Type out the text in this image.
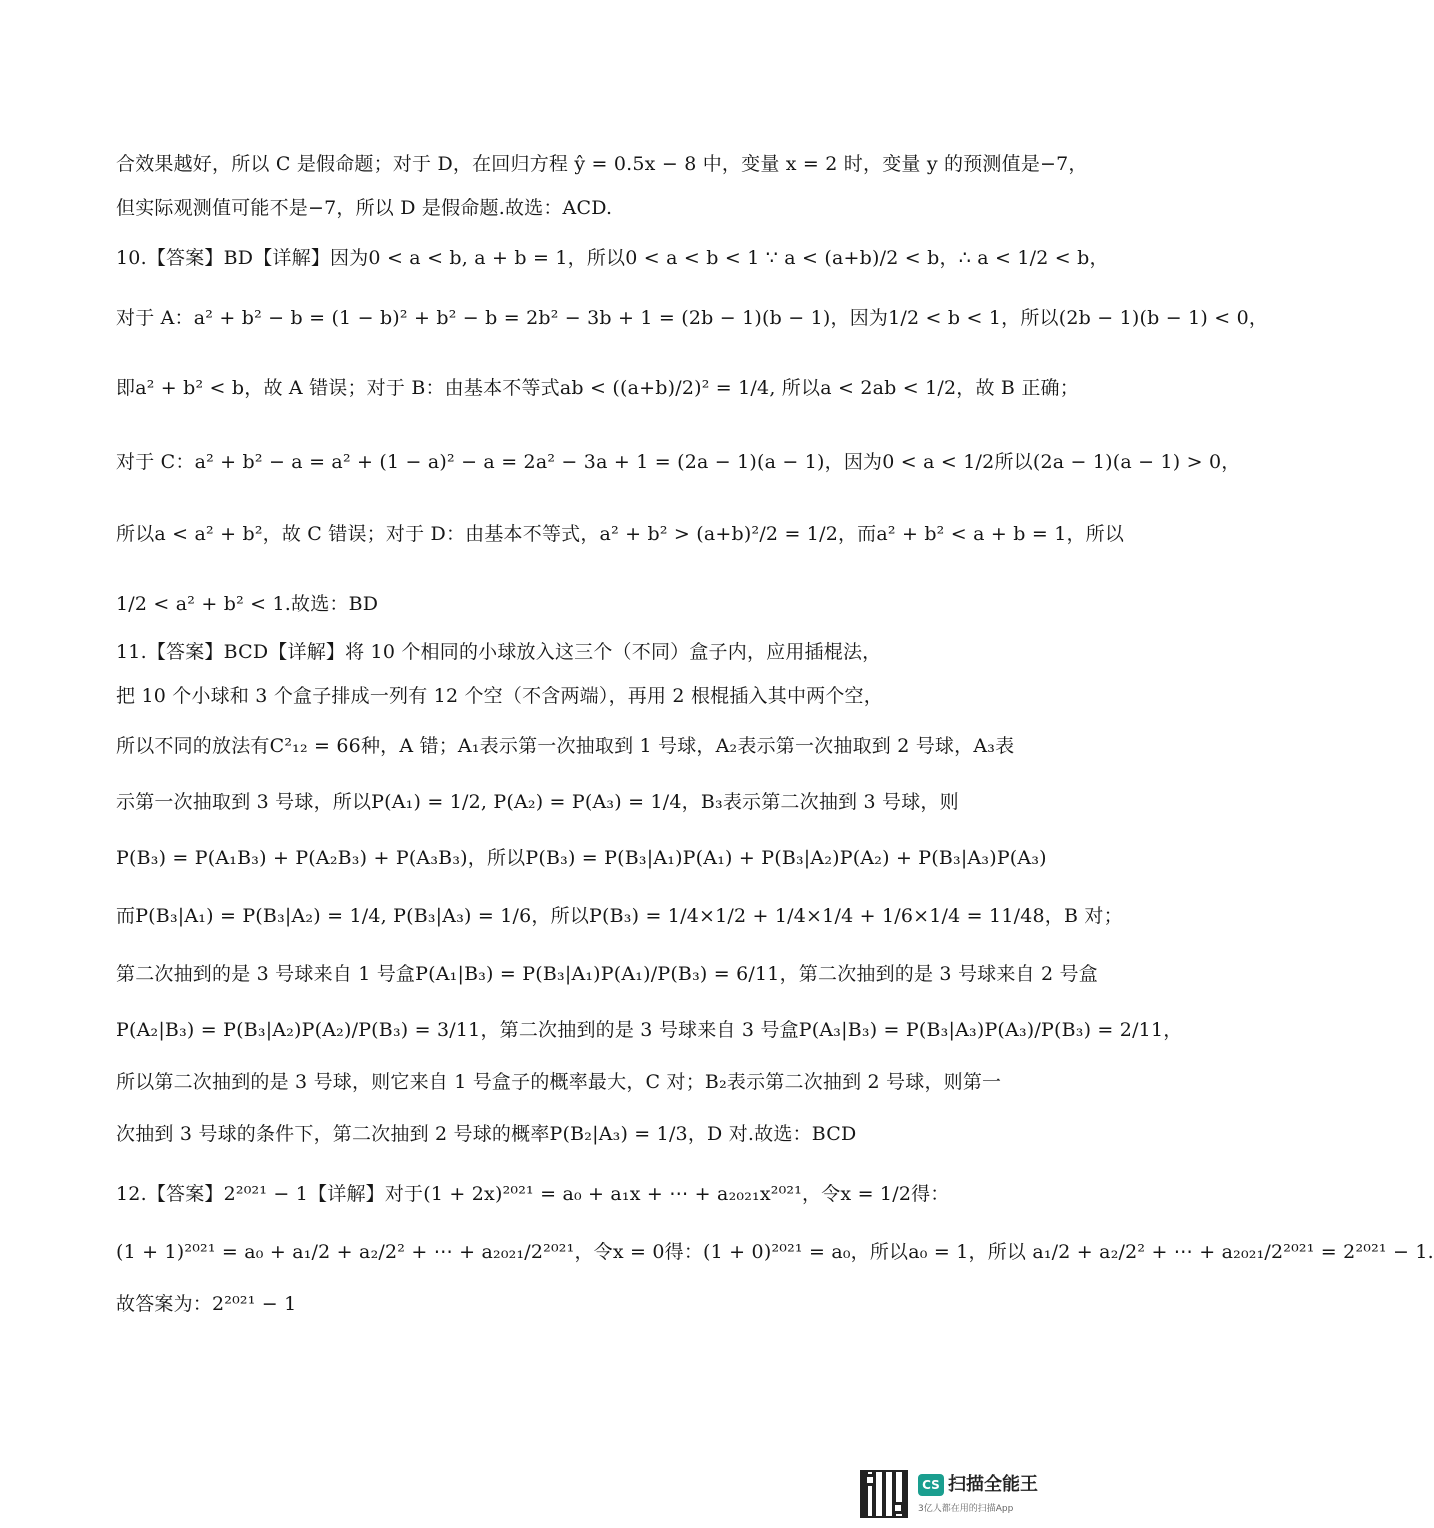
合效果越好，所以 C 是假命题；对于 D，在回归方程 ŷ = 0.5x − 8 中，变量 x = 2 时，变量 y 的预测值是−7，
但实际观测值可能不是−7，所以 D 是假命题.故选：ACD.
10.【答案】BD【详解】因为0 < a < b, a + b = 1，所以0 < a < b < 1 ∵ a < (a+b)/2 < b，∴ a < 1/2 < b，
对于 A：a² + b² − b = (1 − b)² + b² − b = 2b² − 3b + 1 = (2b − 1)(b − 1)，因为1/2 < b < 1，所以(2b − 1)(b − 1) < 0，
即a² + b² < b，故 A 错误；对于 B：由基本不等式ab < ((a+b)/2)² = 1/4, 所以a < 2ab < 1/2，故 B 正确；
对于 C：a² + b² − a = a² + (1 − a)² − a = 2a² − 3a + 1 = (2a − 1)(a − 1)，因为0 < a < 1/2所以(2a − 1)(a − 1) > 0，
所以a < a² + b²，故 C 错误；对于 D：由基本不等式，a² + b² > (a+b)²/2 = 1/2，而a² + b² < a + b = 1，所以
1/2 < a² + b² < 1.故选：BD
11.【答案】BCD【详解】将 10 个相同的小球放入这三个（不同）盒子内，应用插棍法，
把 10 个小球和 3 个盒子排成一列有 12 个空（不含两端），再用 2 根棍插入其中两个空，
所以不同的放法有C²₁₂ = 66种，A 错；A₁表示第一次抽取到 1 号球，A₂表示第一次抽取到 2 号球，A₃表
示第一次抽取到 3 号球，所以P(A₁) = 1/2, P(A₂) = P(A₃) = 1/4，B₃表示第二次抽到 3 号球，则
P(B₃) = P(A₁B₃) + P(A₂B₃) + P(A₃B₃)，所以P(B₃) = P(B₃|A₁)P(A₁) + P(B₃|A₂)P(A₂) + P(B₃|A₃)P(A₃)
而P(B₃|A₁) = P(B₃|A₂) = 1/4, P(B₃|A₃) = 1/6，所以P(B₃) = 1/4×1/2 + 1/4×1/4 + 1/6×1/4 = 11/48，B 对；
第二次抽到的是 3 号球来自 1 号盒P(A₁|B₃) = P(B₃|A₁)P(A₁)/P(B₃) = 6/11，第二次抽到的是 3 号球来自 2 号盒
P(A₂|B₃) = P(B₃|A₂)P(A₂)/P(B₃) = 3/11，第二次抽到的是 3 号球来自 3 号盒P(A₃|B₃) = P(B₃|A₃)P(A₃)/P(B₃) = 2/11，
所以第二次抽到的是 3 号球，则它来自 1 号盒子的概率最大，C 对；B₂表示第二次抽到 2 号球，则第一
次抽到 3 号球的条件下，第二次抽到 2 号球的概率P(B₂|A₃) = 1/3，D 对.故选：BCD
12.【答案】2²⁰²¹ − 1【详解】对于(1 + 2x)²⁰²¹ = a₀ + a₁x + ⋯ + a₂₀₂₁x²⁰²¹，令x = 1/2得：
(1 + 1)²⁰²¹ = a₀ + a₁/2 + a₂/2² + ⋯ + a₂₀₂₁/2²⁰²¹，令x = 0得：(1 + 0)²⁰²¹ = a₀，所以a₀ = 1，所以 a₁/2 + a₂/2² + ⋯ + a₂₀₂₁/2²⁰²¹ = 2²⁰²¹ − 1.
故答案为：2²⁰²¹ − 1
CS 扫描全能王
3亿人都在用的扫描App
